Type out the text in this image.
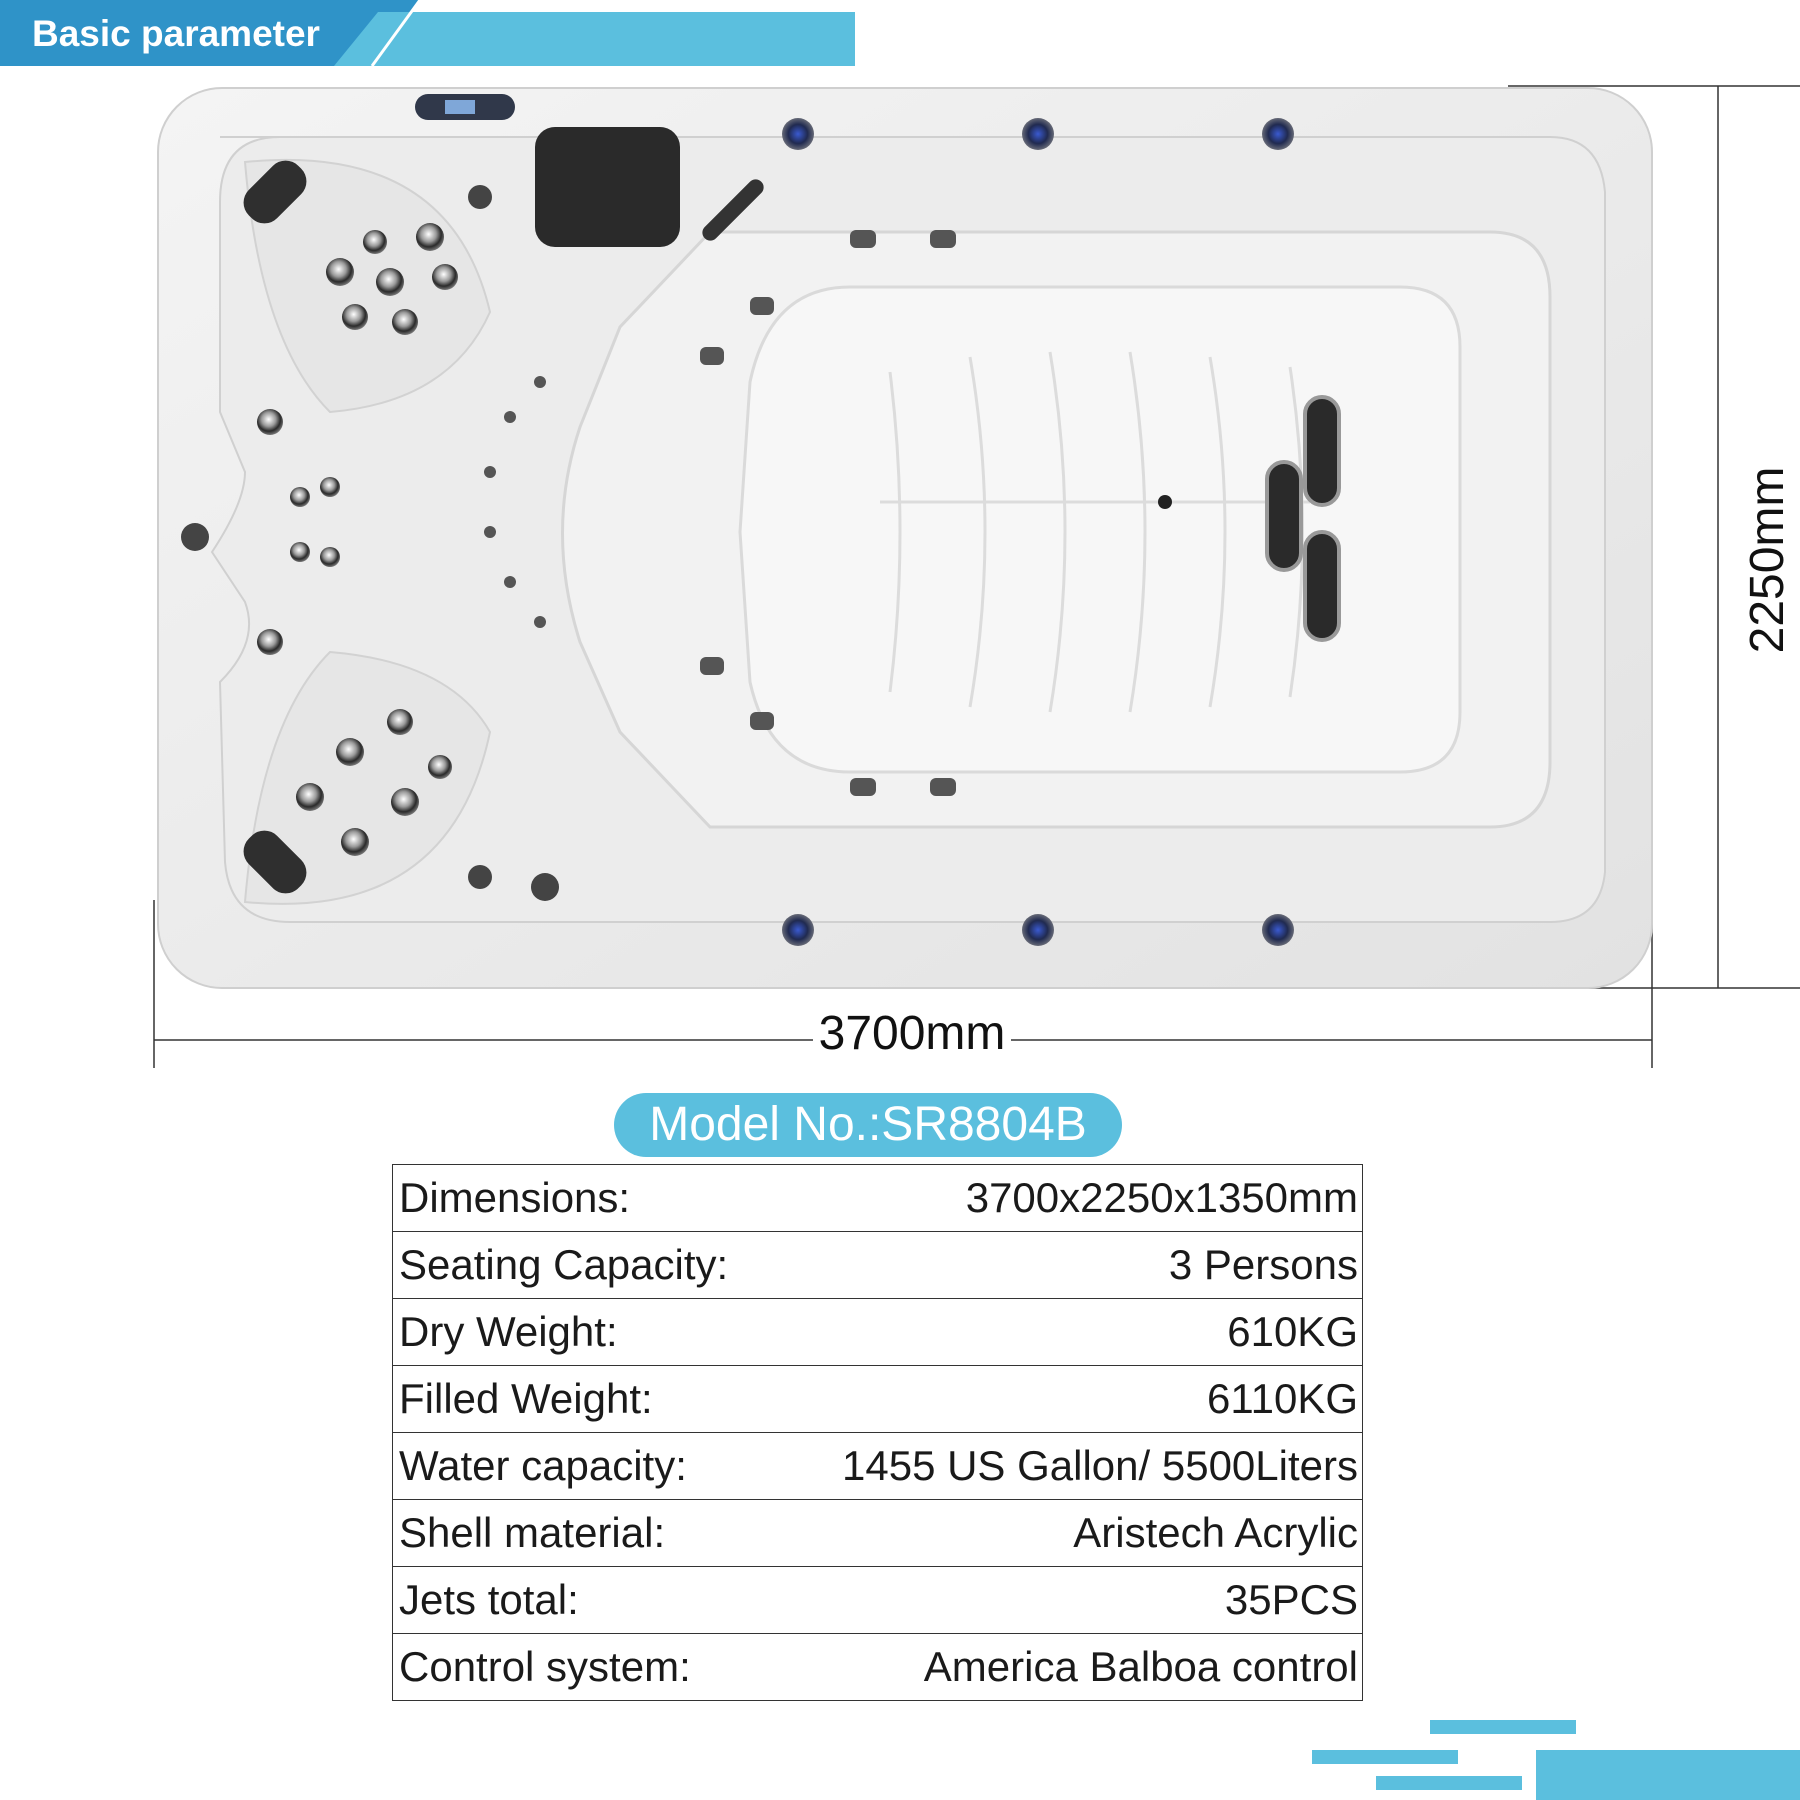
Basic parameter
3700mm
2250mm
Model No.:SR8804B
Dimensions:	3700x2250x1350mm
Seating Capacity:	3 Persons
Dry Weight:	610KG
Filled Weight:	6110KG
Water capacity:	1455 US Gallon/ 5500Liters
Shell material:	Aristech Acrylic
Jets total:	35PCS
Control system:	America Balboa control
